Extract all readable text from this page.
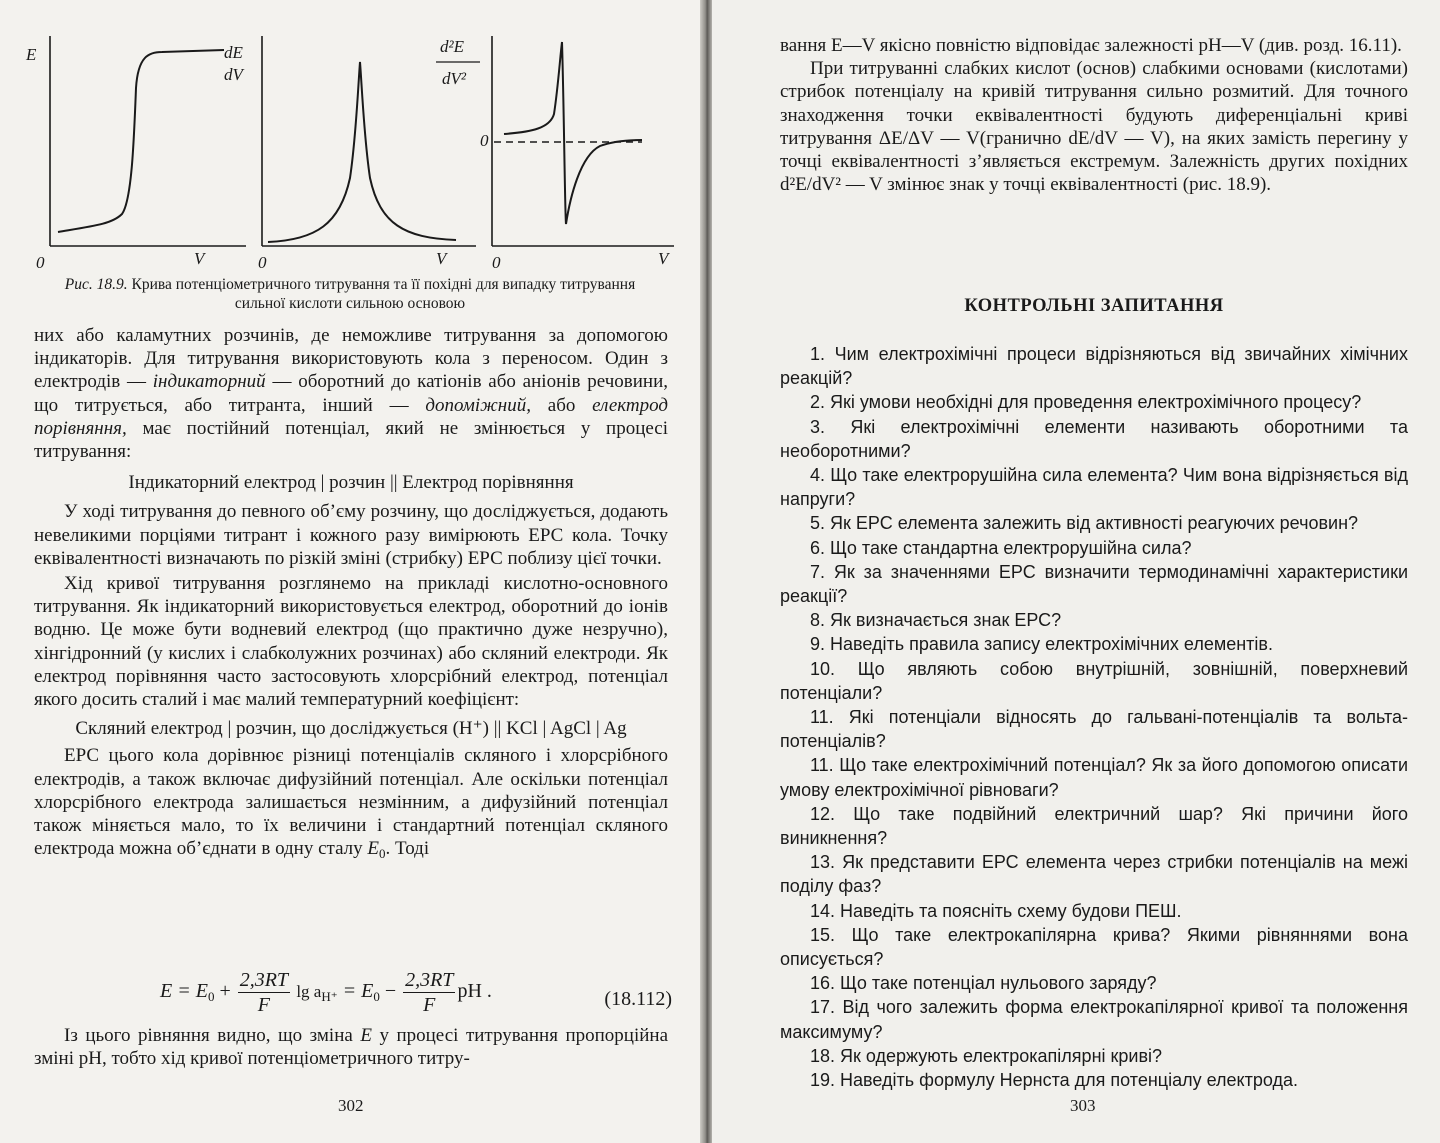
E
V
0
dE
dV
V
0
d²E
dV²
0
V
0
Рис. 18.9. Крива потенціометричного титрування та її похідні для випадку титрування сильної кислоти сильною основою

них або каламутних розчинів, де неможливе титрування за допомогою індикаторів. Для титрування використовують кола з переносом. Один з електродів — індикаторний — оборотний до катіонів або аніонів речовини, що титрується, або титранта, інший — допоміжний, або електрод порівняння, має постійний потенціал, який не змінюється у процесі титрування:

Індикаторний електрод | розчин || Електрод порівняння

У ході титрування до певного об’єму розчину, що досліджується, додають невеликими порціями титрант і кожного разу вимірюють ЕРС кола. Точку еквівалентності визначають по різкій зміні (стрибку) ЕРС поблизу цієї точки.

Хід кривої титрування розглянемо на прикладі кислотно-основного титрування. Як індикаторний використовується електрод, оборотний до іонів водню. Це може бути водневий електрод (що практично дуже незручно), хінгідронний (у кислих і слабколужних розчинах) або скляний електроди. Як електрод порівняння часто застосовують хлорсрібний електрод, потенціал якого досить сталий і має малий температурний коефіцієнт:

Скляний електрод | розчин, що досліджується (H⁺) || KCl | AgCl | Ag

ЕРС цього кола дорівнює різниці потенціалів скляного і хлорсрібного електродів, а також включає дифузійний потенціал. Але оскільки потенціал хлорсрібного електрода залишається незмінним, а дифузійний потенціал також міняється мало, то їх величини і стандартний потенціал скляного електрода можна об’єднати в одну сталу $E_0$. Тоді

$E = E_0 + \frac{2,3RT}{F}$ $\lg a_{H^+} = E_0 - \frac{2,3RT}{F}$ pH .	(18.112)

Із цього рівняння видно, що зміна E у процесі титрування пропорційна зміні pH, тобто хід кривої потенціометричного титру-

302

вання E—V якісно повністю відповідає залежності pH—V (див. розд. 16.11).

При титруванні слабких кислот (основ) слабкими основами (кислотами) стрибок потенціалу на кривій титрування сильно розмитий. Для точного знаходження точки еквівалентності будують диференціальні криві титрування ΔE/ΔV — V(гранично dE/dV — V), на яких замість перегину у точці еквівалентності з’являється екстремум. Залежність других похідних d²E/dV² — V змінює знак у точці еквівалентності (рис. 18.9).

КОНТРОЛЬНІ ЗАПИТАННЯ

1. Чим електрохімічні процеси відрізняються від звичайних хімічних реакцій?

2. Які умови необхідні для проведення електрохімічного процесу?

3. Які електрохімічні елементи називають оборотними та необоротними?

4. Що таке електрорушійна сила елемента? Чим вона відрізняється від напруги?

5. Як ЕРС елемента залежить від активності реагуючих речовин?

6. Що таке стандартна електрорушійна сила?

7. Як за значеннями ЕРС визначити термодинамічні характеристики реакції?

8. Як визначається знак ЕРС?

9. Наведіть правила запису електрохімічних елементів.

10. Що являють собою внутрішній, зовнішній, поверхневий потенціали?

11. Які потенціали відносять до гальвані-потенціалів та вольта-потенціалів?

11. Що таке електрохімічний потенціал? Як за його допомогою описати умову електрохімічної рівноваги?

12. Що таке подвійний електричний шар? Які причини його виникнення?

13. Як представити ЕРС елемента через стрибки потенціалів на межі поділу фаз?

14. Наведіть та поясніть схему будови ПЕШ.

15. Що таке електрокапілярна крива? Якими рівняннями вона описується?

16. Що таке потенціал нульового заряду?

17. Від чого залежить форма електрокапілярної кривої та положення максимуму?

18. Як одержують електрокапілярні криві?

19. Наведіть формулу Нернста для потенціалу електрода.

303
